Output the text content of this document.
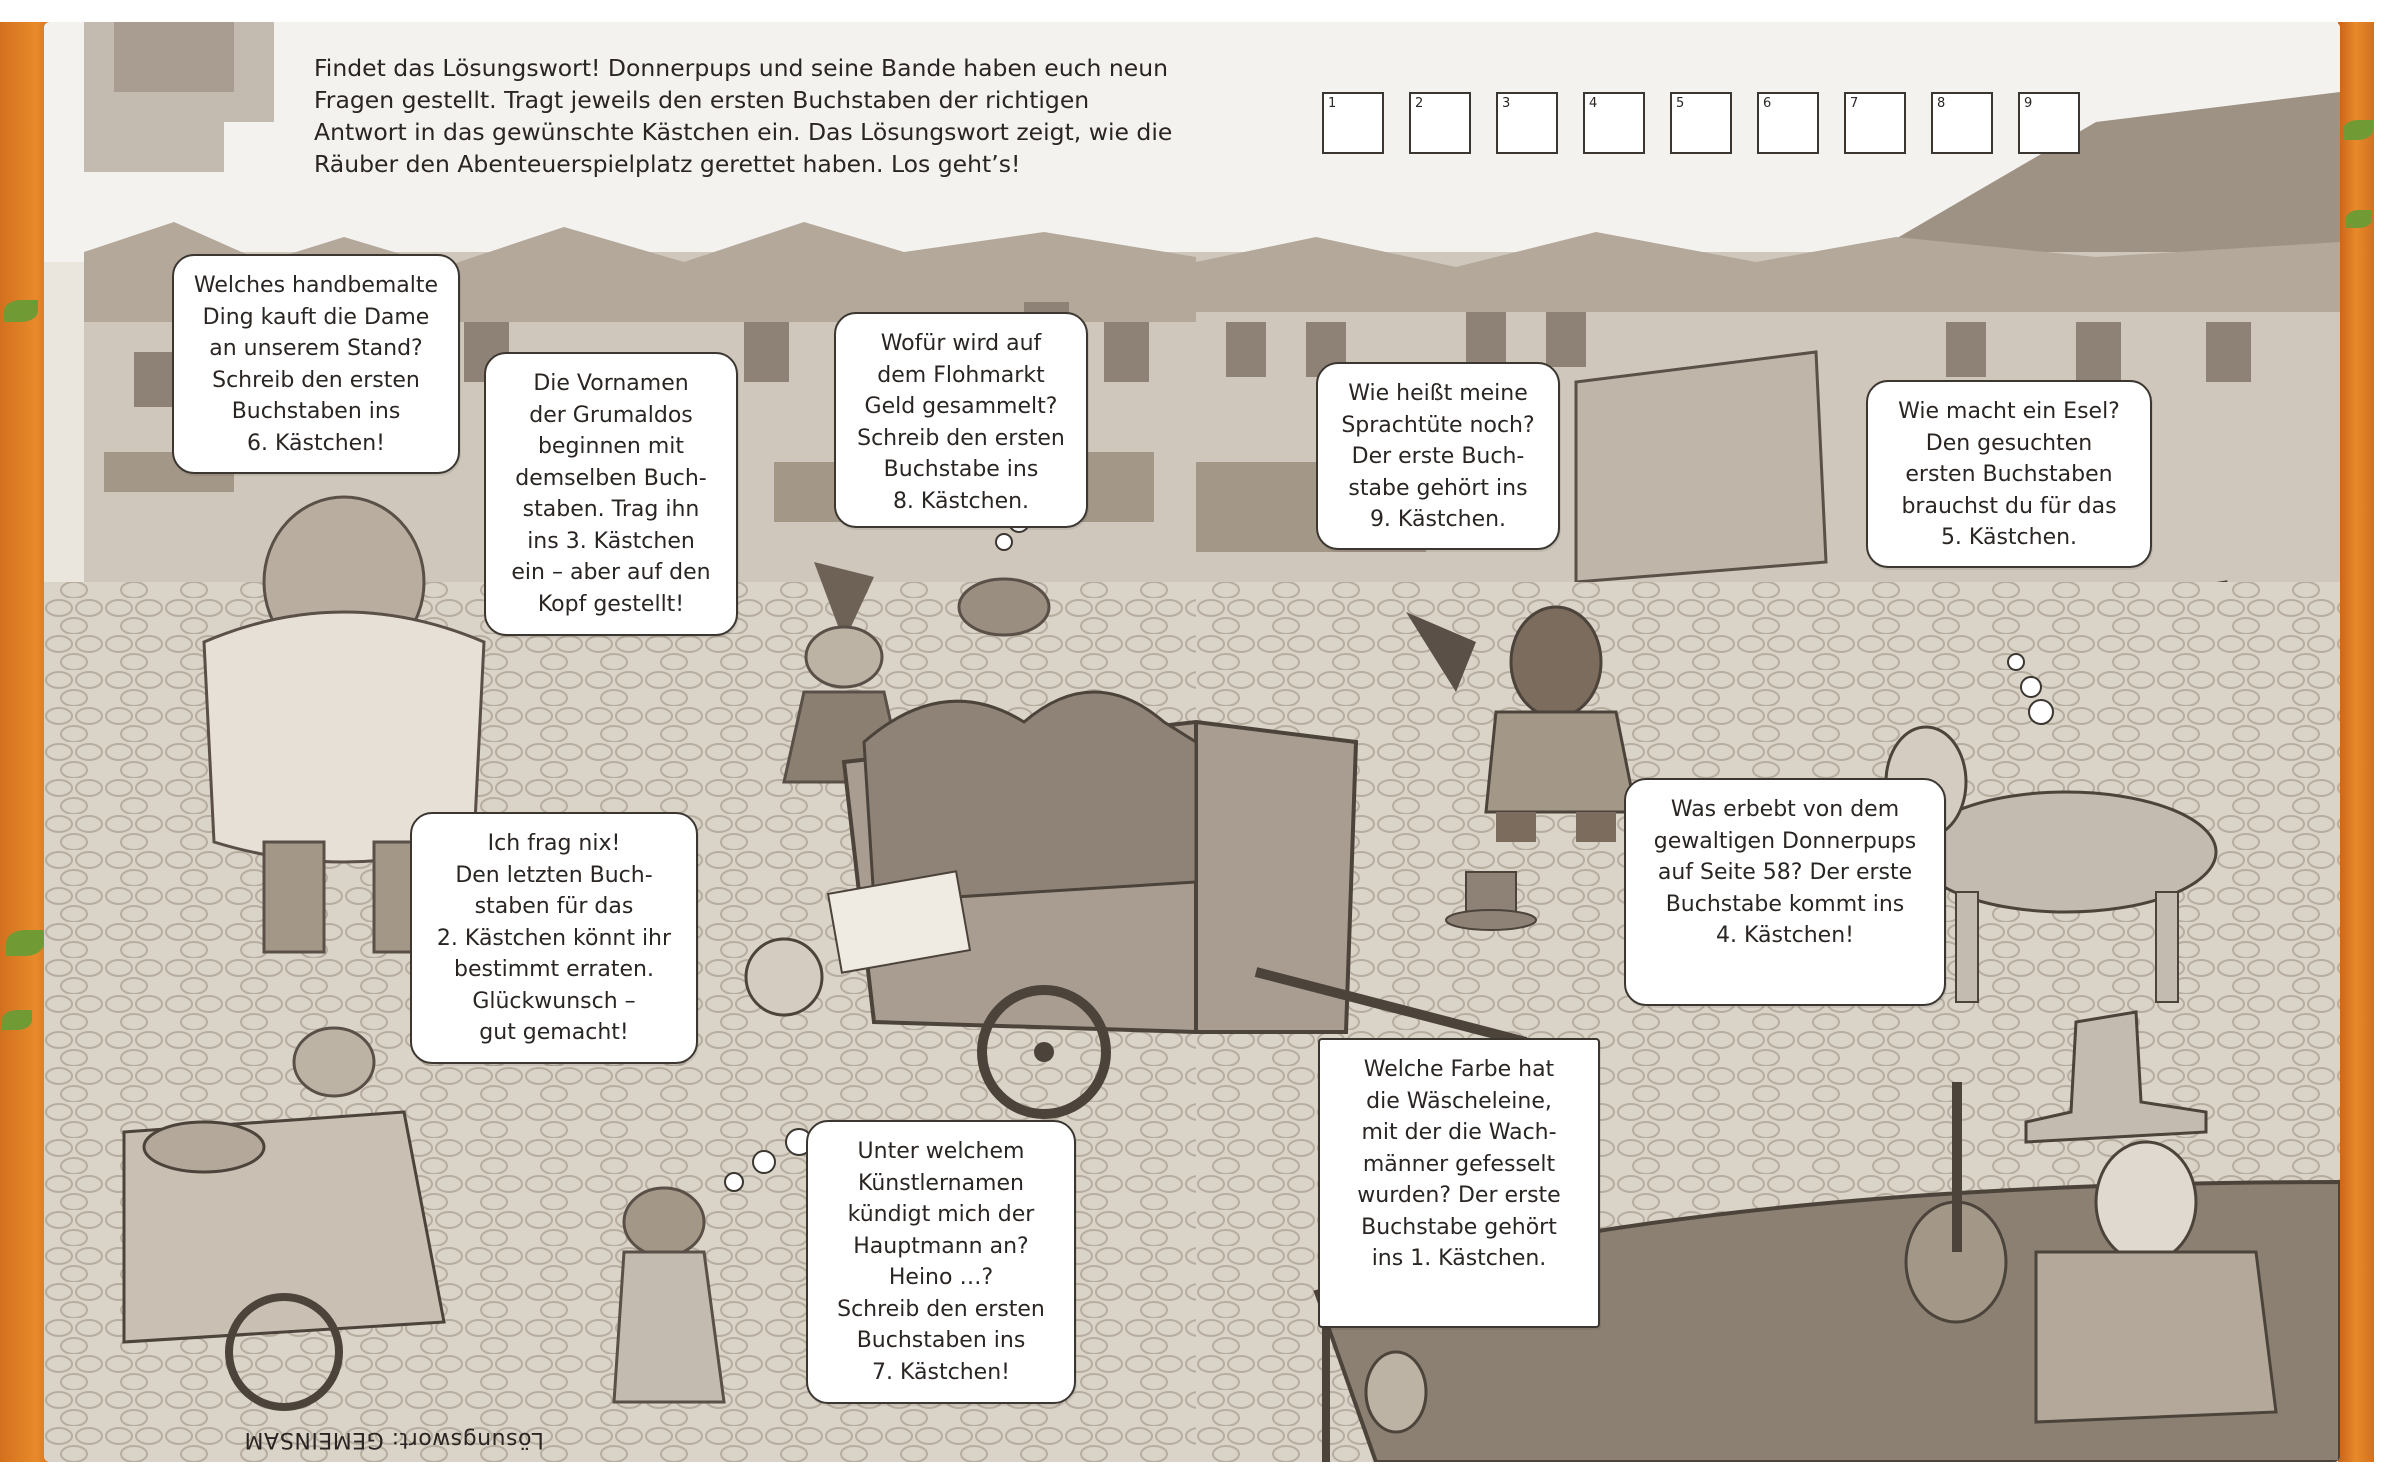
Findet das Lösungswort! Donnerpups und seine Bande haben euch neun Fragen gestellt. Tragt jeweils den ersten Buchstaben der richtigen Antwort in das gewünschte Kästchen ein. Das Lösungswort zeigt, wie die Räuber den Abenteuerspielplatz gerettet haben. Los geht’s!

Welches handbemalte
Ding kauft die Dame
an unserem Stand?
Schreib den ersten
Buchstaben ins
6. Kästchen!
Die Vornamen
der Grumaldos
beginnen mit
demselben Buch-
staben. Trag ihn
ins 3. Kästchen
ein – aber auf den
Kopf gestellt!
Wofür wird auf
dem Flohmarkt
Geld gesammelt?
Schreib den ersten
Buchstabe ins
8. Kästchen.
Ich frag nix!
Den letzten Buch-
staben für das
2. Kästchen könnt ihr
bestimmt erraten.
Glückwunsch –
gut gemacht!
Unter welchem
Künstlernamen
kündigt mich der
Hauptmann an?
Heino …?
Schreib den ersten
Buchstaben ins
7. Kästchen!
Lösungswort: GEMEINSAM
Wie heißt meine
Sprachtüte noch?
Der erste Buch-
stabe gehört ins
9. Kästchen.
Wie macht ein Esel?
Den gesuchten
ersten Buchstaben
brauchst du für das
5. Kästchen.
Was erbebt von dem
gewaltigen Donnerpups
auf Seite 58? Der erste
Buchstabe kommt ins
4. Kästchen!
Welche Farbe hat
die Wäscheleine,
mit der die Wach-
männer gefesselt
wurden? Der erste
Buchstabe gehört
ins 1. Kästchen.
1	2	3	4	5	6	7	8	9
